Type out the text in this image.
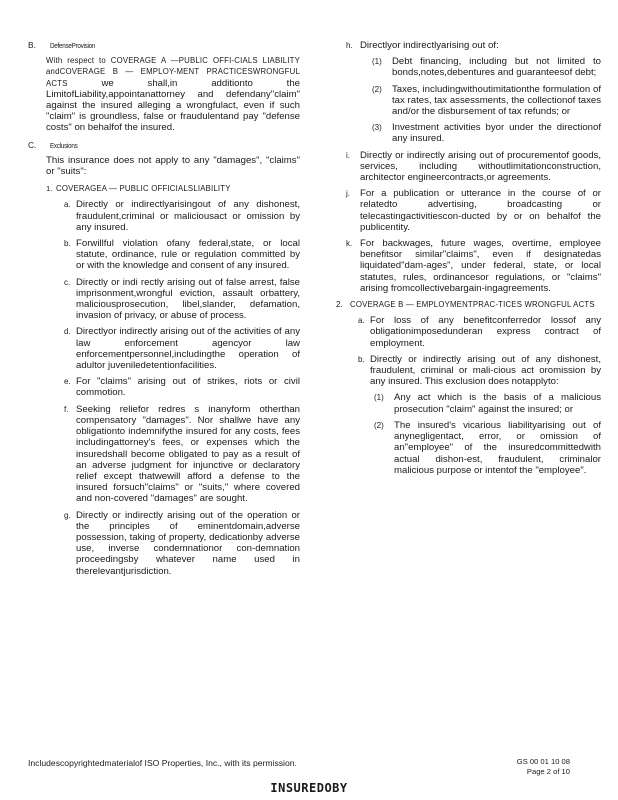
B. DefenseProvision
With respect to COVERAGE A —PUBLIC OFFI-CIALS LIABILITY andCOVERAGE B — EMPLOY-MENT PRACTICESWRONGFUL ACTS	we shall,in additionto the LimitofLiability,appointanattorney and defendany"claim" against the insured alleging a wrongfulact, even if such "claim" is groundless, false or fraudulentand pay "defense costs" on behalfof the insured.
C. Exclusions
This insurance does not apply to any "damages", "claims" or "suits":
1. COVERAGEA — PUBLIC OFFICIALSLIABILITY
a. Directly or indirectlyarisingout of any dishonest, fraudulent,criminal or maliciousact or omission by any insured.
b. Forwillful violation ofany federal,state, or local statute, ordinance, rule or regulation committed by or with the knowledge and consent of any insured.
c. Directly or indi rectly arising out of false arrest, false imprisonment,wrongful eviction, assault orbattery, maliciousprosecution, libel,slander, defamation, invasion of privacy, or abuse of process.
d. Directlyor indirectly arising out of the activities of any law enforcement agencyor law enforcementpersonnel,includingthe operation of adultor juveniledetentionfacilities.
e. For "claims" arising out of strikes, riots or civil commotion.
f. Seeking reliefor redres s inanyform otherthan compensatory "damages". Nor shallwe have any obligationto indemnifythe insured for any costs, fees includingattorney's fees, or expenses which the insuredshall become obligated to pay as a result of an adverse judgment for injunctive or declaratory relief except thatwewill afford a defense to the insured forsuch"claims" or "suits," where covered and non-covered "damages" are sought.
g. Directly or indirectly arising out of the operation or the principles of eminentdomain,adverse possession, taking of property, dedicationby adverse use, inverse condemnationor con-demnation proceedingsby whatever name used in therelevantjurisdiction.
h. Directlyor indirectlyarising out of:
(1) Debt financing, including but not limited to bonds,notes,debentures and guaranteesof debt;
(2) Taxes, includingwithoutimitationthe formulation of tax rates, tax assessments, the collectionof taxes and/or the disbursement of tax refunds; or
(3) Investment activities byor under the directionof any insured.
i. Directly or indirectly arising out of procurementof goods, services, including withoutlimitationconstruction, architector engineercontracts,or agreements.
j. For a publication or utterance in the course of or relatedto advertising, broadcasting or telecastingactivitiescon-ducted by or on behalfof the publicentity.
k. For backwages, future wages, overtime, employee benefitsor similar"claims", even if designatedas liquidated"dam-ages", under federal, state, or local statutes, rules, ordinancesor regulations, or "claims" arising fromcollectivebargain-ingagreements.
2. COVERAGE B — EMPLOYMENTPRAC-TICES WRONGFUL ACTS
a. For loss of any benefitconferredor lossof any obligationimposedunderan express contract of employment.
b. Directly or indirectly arising out of any dishonest, fraudulent, criminal or mali-cious act oromission by any insured. This exclusion does notapplyto:
(1) Any act which is the basis of a malicious prosecution "claim" against the insured; or
(2) The insured's vicarious liabilityarising out of anynegligentact, error, or omission of an"employee" of the insuredcommittedwith actual dishon-est, fraudulent, criminalor malicious purpose or intentof the "employee".
Includescopyrightedmaterialof ISO Properties, Inc., with its permission.	GS 00 01 10 08
Page 2 of 10
INSUREDOBY
